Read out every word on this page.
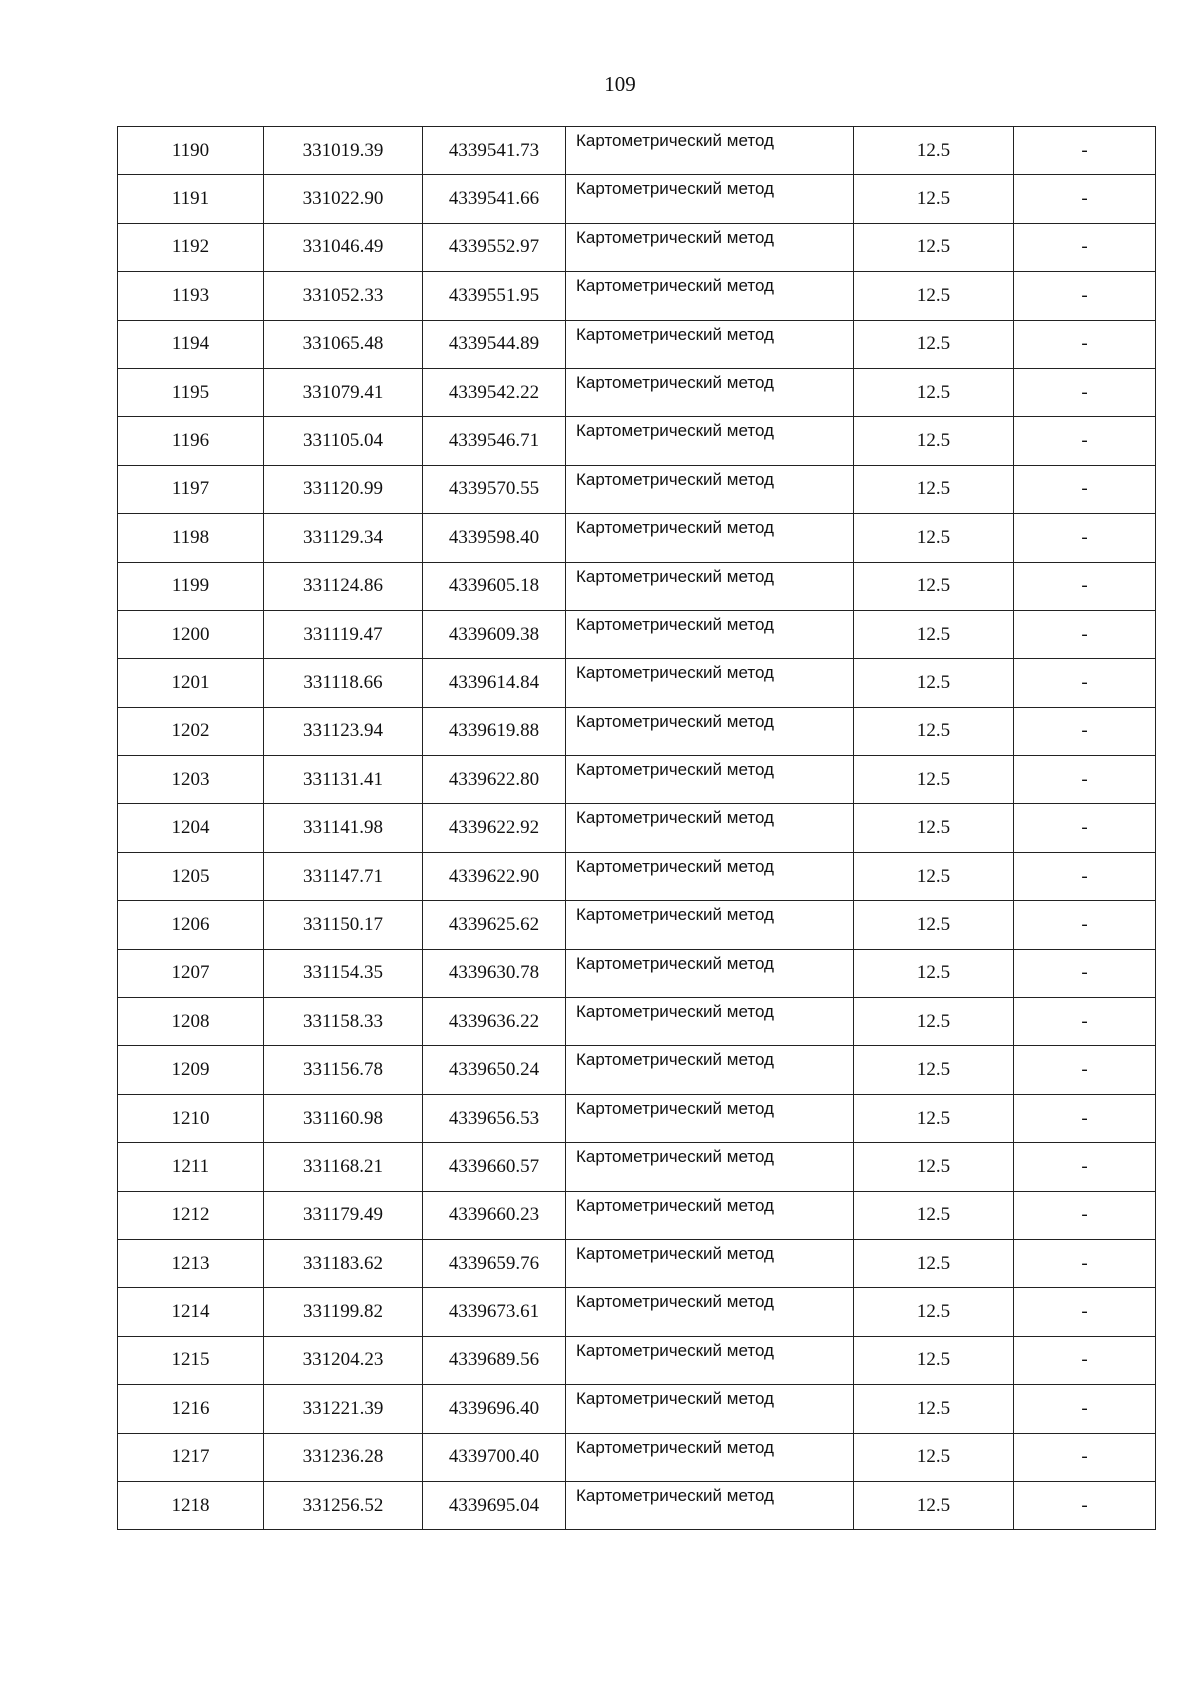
109
1190	331019.39	4339541.73	Картометрический метод	12.5	-
1191	331022.90	4339541.66	Картометрический метод	12.5	-
1192	331046.49	4339552.97	Картометрический метод	12.5	-
1193	331052.33	4339551.95	Картометрический метод	12.5	-
1194	331065.48	4339544.89	Картометрический метод	12.5	-
1195	331079.41	4339542.22	Картометрический метод	12.5	-
1196	331105.04	4339546.71	Картометрический метод	12.5	-
1197	331120.99	4339570.55	Картометрический метод	12.5	-
1198	331129.34	4339598.40	Картометрический метод	12.5	-
1199	331124.86	4339605.18	Картометрический метод	12.5	-
1200	331119.47	4339609.38	Картометрический метод	12.5	-
1201	331118.66	4339614.84	Картометрический метод	12.5	-
1202	331123.94	4339619.88	Картометрический метод	12.5	-
1203	331131.41	4339622.80	Картометрический метод	12.5	-
1204	331141.98	4339622.92	Картометрический метод	12.5	-
1205	331147.71	4339622.90	Картометрический метод	12.5	-
1206	331150.17	4339625.62	Картометрический метод	12.5	-
1207	331154.35	4339630.78	Картометрический метод	12.5	-
1208	331158.33	4339636.22	Картометрический метод	12.5	-
1209	331156.78	4339650.24	Картометрический метод	12.5	-
1210	331160.98	4339656.53	Картометрический метод	12.5	-
1211	331168.21	4339660.57	Картометрический метод	12.5	-
1212	331179.49	4339660.23	Картометрический метод	12.5	-
1213	331183.62	4339659.76	Картометрический метод	12.5	-
1214	331199.82	4339673.61	Картометрический метод	12.5	-
1215	331204.23	4339689.56	Картометрический метод	12.5	-
1216	331221.39	4339696.40	Картометрический метод	12.5	-
1217	331236.28	4339700.40	Картометрический метод	12.5	-
1218	331256.52	4339695.04	Картометрический метод	12.5	-
